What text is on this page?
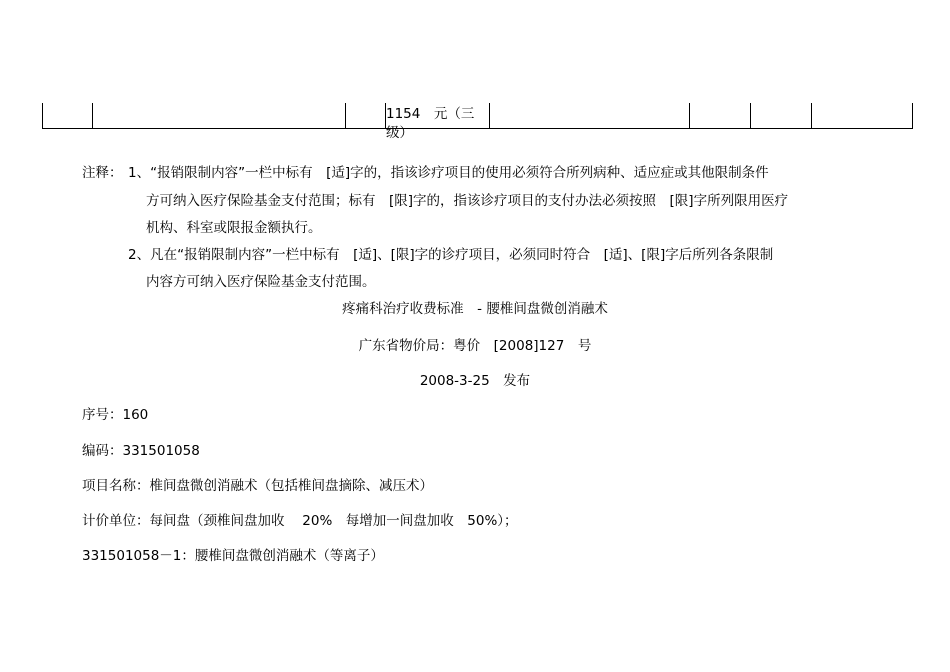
1154　元（三
级）
注释： 1、“报销限制内容”一栏中标有　[适]字的，指该诊疗项目的使用必须符合所列病种、适应症或其他限制条件
方可纳入医疗保险基金支付范围；标有　[限]字的，指该诊疗项目的支付办法必须按照　[限]字所列限用医疗
机构、科室或限报金额执行。
2、凡在“报销限制内容”一栏中标有　[适]、[限]字的诊疗项目，必须同时符合　[适]、[限]字后所列各条限制
内容方可纳入医疗保险基金支付范围。
疼痛科治疗收费标准　- 腰椎间盘微创消融术
广东省物价局：粤价　[2008]127　号
2008-3-25　发布
序号：160
编码：331501058
项目名称：椎间盘微创消融术（包括椎间盘摘除、减压术）
计价单位：每间盘（颈椎间盘加收　 20%　每增加一间盘加收　50%）；
331501058－1：腰椎间盘微创消融术（等离子）
